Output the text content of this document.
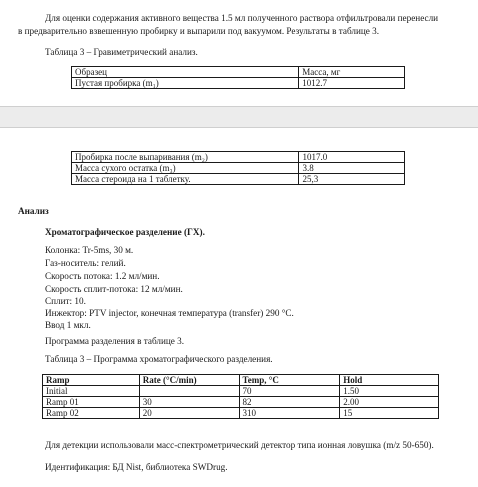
Для оценки содержания активного вещества 1.5 мл полученного раствора отфильтровали перенесли
в предварительно взвешенную пробирку и выпарили под вакуумом. Результаты в таблице 3.
Таблица 3 – Гравиметрический анализ.
Образец	Масса, мг
Пустая пробирка (m₁)	1012.7
Пробирка после выпаривания (m₂)	1017.0
Масса сухого остатка (m₃)	3.8
Масса стероида на 1 таблетку.	25,3
Анализ
Хроматографическое разделение (ГХ).
Колонка: Tr-5ms, 30 м.
Газ-носитель: гелий.
Скорость потока: 1.2 мл/мин.
Скорость сплит-потока: 12 мл/мин.
Сплит: 10.
Инжектор: PTV injector, конечная температура (transfer) 290 °С.
Ввод 1 мкл.
Программа разделения в таблице 3.
Таблица 3 – Программа хроматографического разделения.
Ramp	Rate (°C/min)	Temp, °C	Hold
Initial		70	1.50
Ramp 01	30	82	2.00
Ramp 02	20	310	15
Для детекции использовали масс-спектрометрический детектор типа ионная ловушка (m/z 50-650).
Идентификация: БД Nist, библиотека SWDrug.
